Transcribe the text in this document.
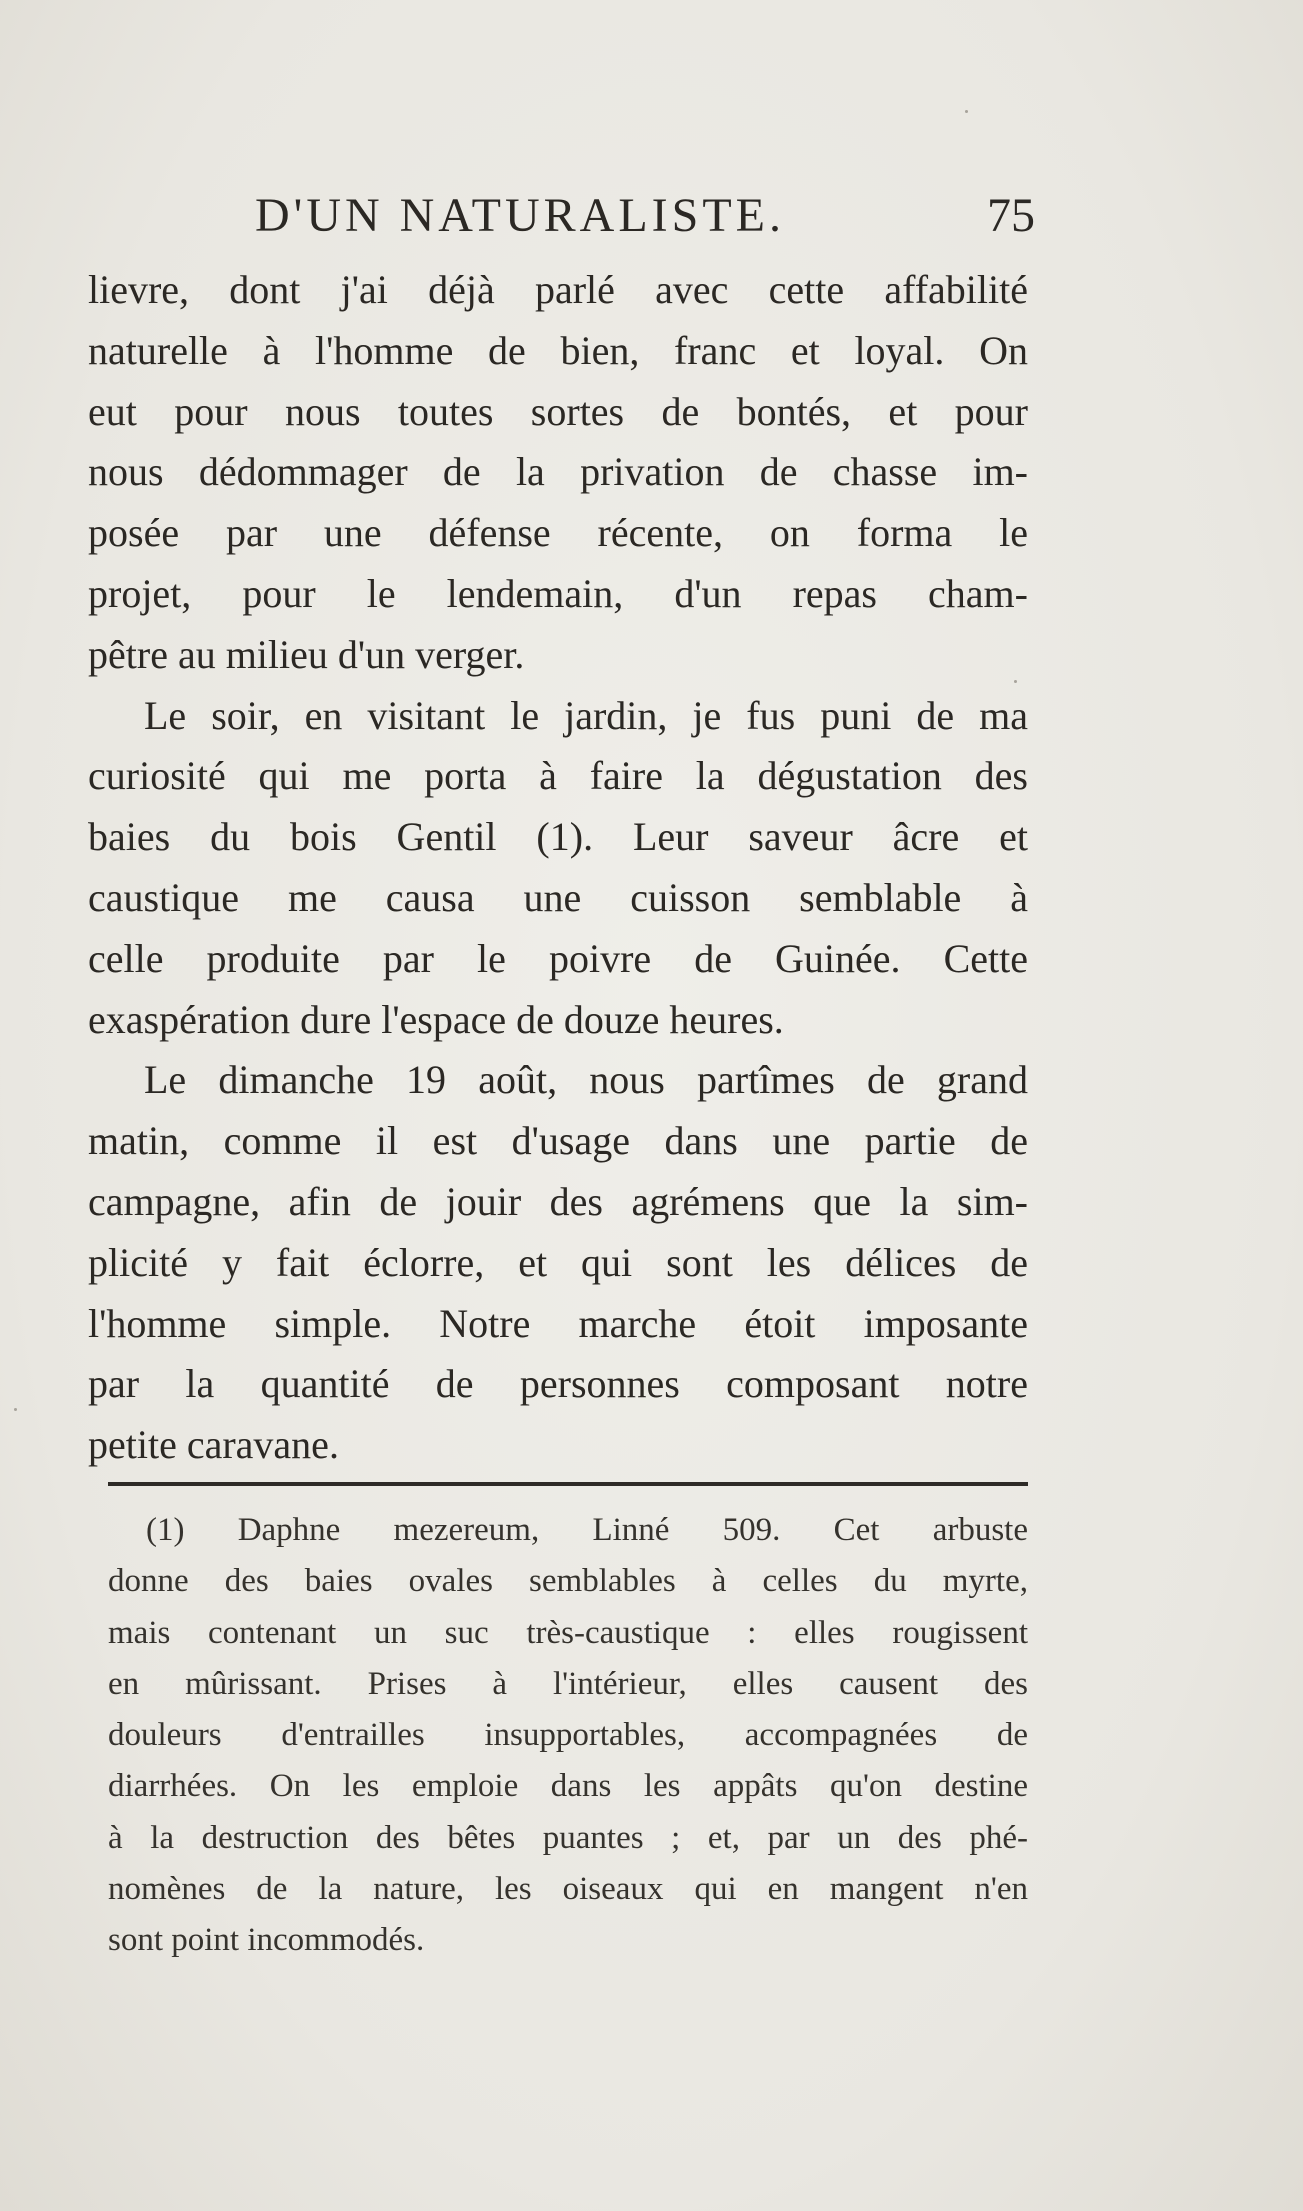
D'UN NATURALISTE.	75
lievre, dont j'ai déjà parlé avec cette affabilité
naturelle à l'homme de bien, franc et loyal. On
eut pour nous toutes sortes de bontés, et pour
nous dédommager de la privation de chasse im-
posée par une défense récente, on forma le
projet, pour le lendemain, d'un repas cham-
pêtre au milieu d'un verger.
Le soir, en visitant le jardin, je fus puni de ma
curiosité qui me porta à faire la dégustation des
baies du bois Gentil (1). Leur saveur âcre et
caustique me causa une cuisson semblable à
celle produite par le poivre de Guinée. Cette
exaspération dure l'espace de douze heures.
Le dimanche 19 août, nous partîmes de grand
matin, comme il est d'usage dans une partie de
campagne, afin de jouir des agrémens que la sim-
plicité y fait éclorre, et qui sont les délices de
l'homme simple. Notre marche étoit imposante
par la quantité de personnes composant notre
petite caravane.
(1) Daphne mezereum, Linné 509. Cet arbuste
donne des baies ovales semblables à celles du myrte,
mais contenant un suc très-caustique : elles rougissent
en mûrissant. Prises à l'intérieur, elles causent des
douleurs d'entrailles insupportables, accompagnées de
diarrhées. On les emploie dans les appâts qu'on destine
à la destruction des bêtes puantes ; et, par un des phé-
nomènes de la nature, les oiseaux qui en mangent n'en
sont point incommodés.
